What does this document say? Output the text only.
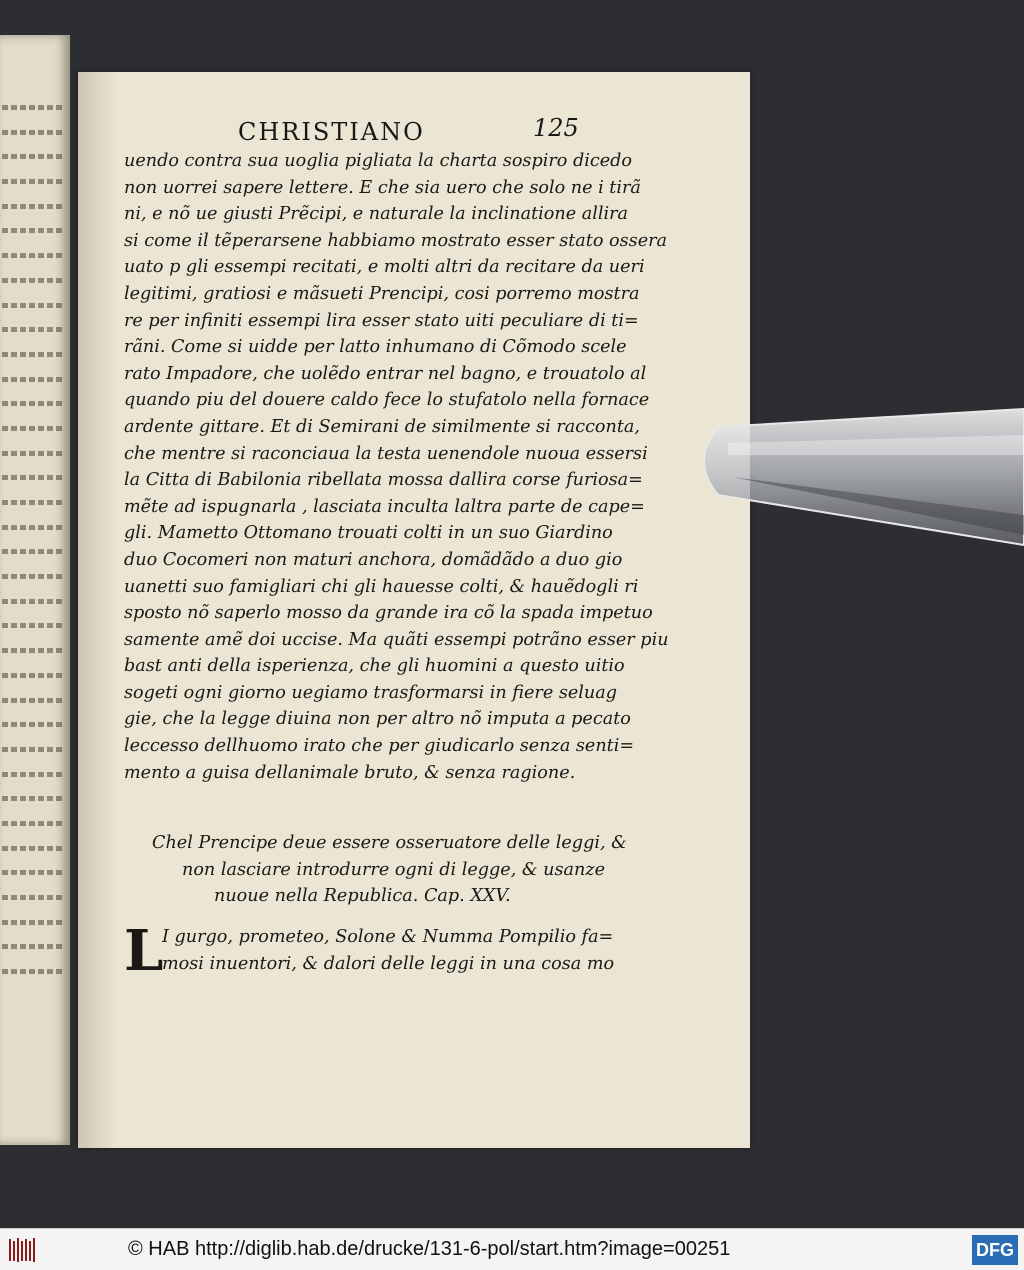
CHRISTIANO	125
uendo contra sua uoglia pigliata la charta sospiro dicedo
non uorrei sapere lettere. E che sia uero che solo ne i tirã
ni, e nõ ue giusti Prẽcipi, e naturale la inclinatione allira
si come il tẽperarsene habbiamo mostrato esser stato ossera
uato p gli essempi recitati, e molti altri da recitare da ueri
legitimi, gratiosi e mãsueti Prencipi, cosi porremo mostra
re per infiniti essempi lira esser stato uiti peculiare di ti=
rãni. Come si uidde per latto inhumano di Cõmodo scele
rato Impadore, che uolẽdo entrar nel bagno, e trouatolo al
quando piu del douere caldo fece lo stufatolo nella fornace
ardente gittare. Et di Semirani de similmente si racconta,
che mentre si raconciaua la testa uenendole nuoua essersi
la Citta di Babilonia ribellata mossa dallira corse furiosa=
mẽte ad ispugnarla , lasciata inculta laltra parte de cape=
gli. Mametto Ottomano trouati colti in un suo Giardino
duo Cocomeri non maturi anchora, domãdãdo a duo gio
uanetti suo famigliari chi gli hauesse colti, & hauẽdogli ri
sposto nõ saperlo mosso da grande ira cõ la spada impetuo
samente amẽ doi uccise. Ma quãti essempi potrãno esser piu
bast anti della isperienza, che gli huomini a questo uitio
sogeti ogni giorno uegiamo trasformarsi in fiere seluag
gie, che la legge diuina non per altro nõ imputa a pecato
leccesso dellhuomo irato che per giudicarlo senza senti=
mento a guisa dellanimale bruto, & senza ragione.
Chel Prencipe deue essere osseruatore delle leggi, &
non lasciare introdurre ogni di legge, & usanze
nuoue nella Republica. Cap. XXV.
L
I gurgo, prometeo, Solone & Numma Pompilio fa=
mosi inuentori, & dalori delle leggi in una cosa mo
© HAB http://diglib.hab.de/drucke/131-6-pol/start.htm?image=00251	DFG
